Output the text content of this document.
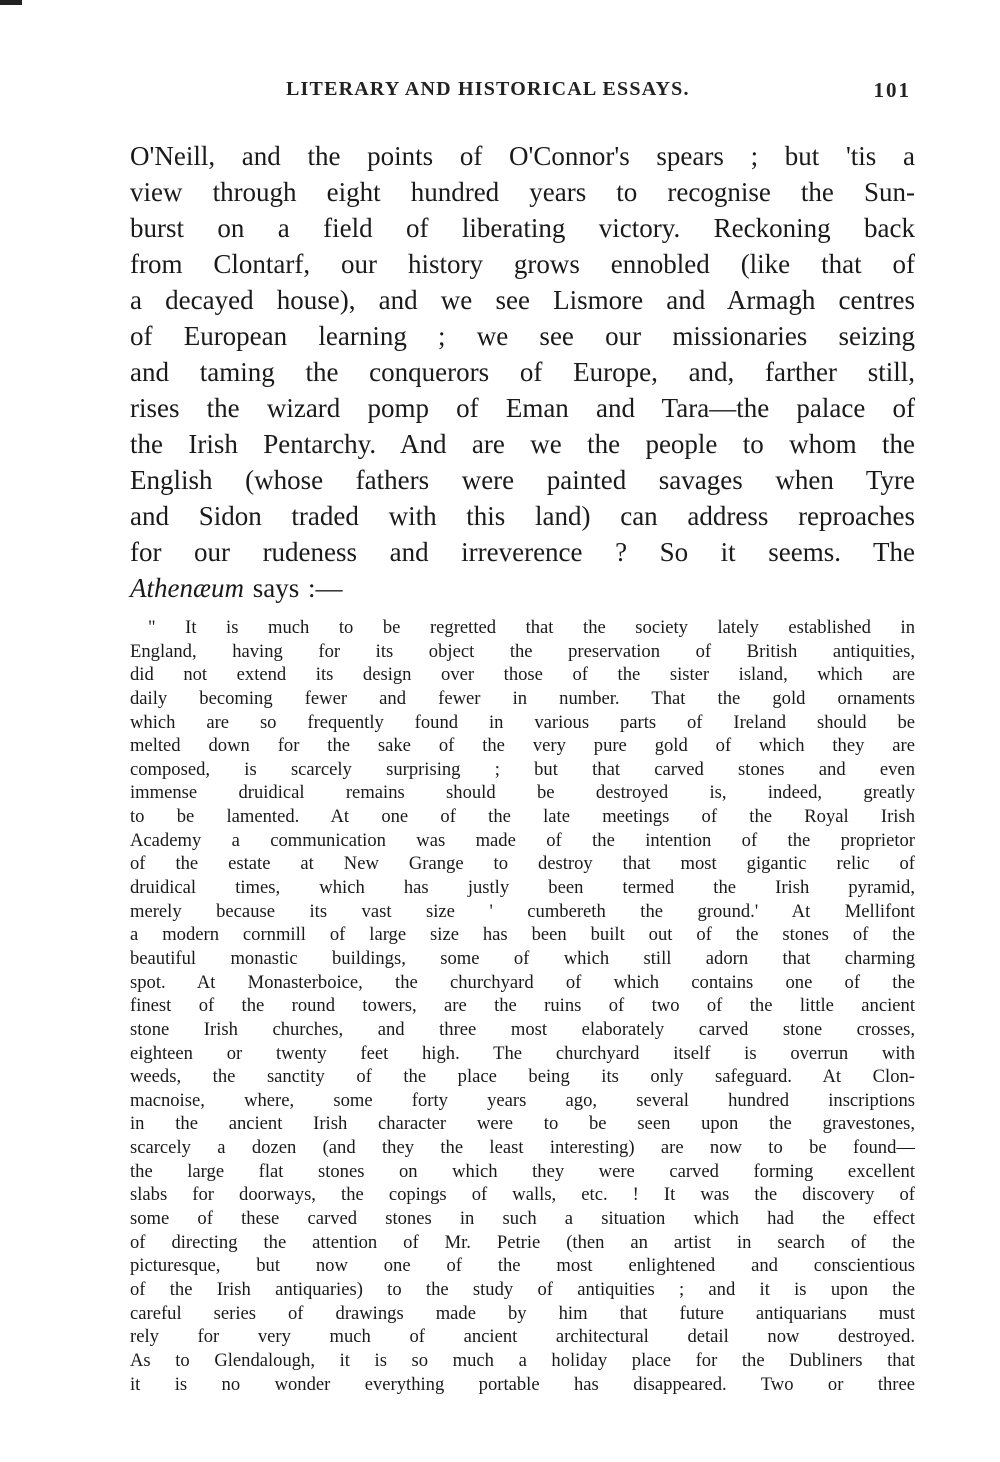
LITERARY AND HISTORICAL ESSAYS.	101
O'Neill, and the points of O'Connor's spears ; but 'tis a
view through eight hundred years to recognise the Sun-
burst on a field of liberating victory. Reckoning back
from Clontarf, our history grows ennobled (like that of
a decayed house), and we see Lismore and Armagh centres
of European learning ; we see our missionaries seizing
and taming the conquerors of Europe, and, farther still,
rises the wizard pomp of Eman and Tara—the palace of
the Irish Pentarchy. And are we the people to whom the
English (whose fathers were painted savages when Tyre
and Sidon traded with this land) can address reproaches
for our rudeness and irreverence ? So it seems. The
Athenæum says :—
" It is much to be regretted that the society lately established in
England, having for its object the preservation of British antiquities,
did not extend its design over those of the sister island, which are
daily becoming fewer and fewer in number. That the gold ornaments
which are so frequently found in various parts of Ireland should be
melted down for the sake of the very pure gold of which they are
composed, is scarcely surprising ; but that carved stones and even
immense druidical remains should be destroyed is, indeed, greatly
to be lamented. At one of the late meetings of the Royal Irish
Academy a communication was made of the intention of the proprietor
of the estate at New Grange to destroy that most gigantic relic of
druidical times, which has justly been termed the Irish pyramid,
merely because its vast size ' cumbereth the ground.' At Mellifont
a modern cornmill of large size has been built out of the stones of the
beautiful monastic buildings, some of which still adorn that charming
spot. At Monasterboice, the churchyard of which contains one of the
finest of the round towers, are the ruins of two of the little ancient
stone Irish churches, and three most elaborately carved stone crosses,
eighteen or twenty feet high. The churchyard itself is overrun with
weeds, the sanctity of the place being its only safeguard. At Clon-
macnoise, where, some forty years ago, several hundred inscriptions
in the ancient Irish character were to be seen upon the gravestones,
scarcely a dozen (and they the least interesting) are now to be found—
the large flat stones on which they were carved forming excellent
slabs for doorways, the copings of walls, etc. ! It was the discovery of
some of these carved stones in such a situation which had the effect
of directing the attention of Mr. Petrie (then an artist in search of the
picturesque, but now one of the most enlightened and conscientious
of the Irish antiquaries) to the study of antiquities ; and it is upon the
careful series of drawings made by him that future antiquarians must
rely for very much of ancient architectural detail now destroyed.
As to Glendalough, it is so much a holiday place for the Dubliners that
it is no wonder everything portable has disappeared. Two or three
